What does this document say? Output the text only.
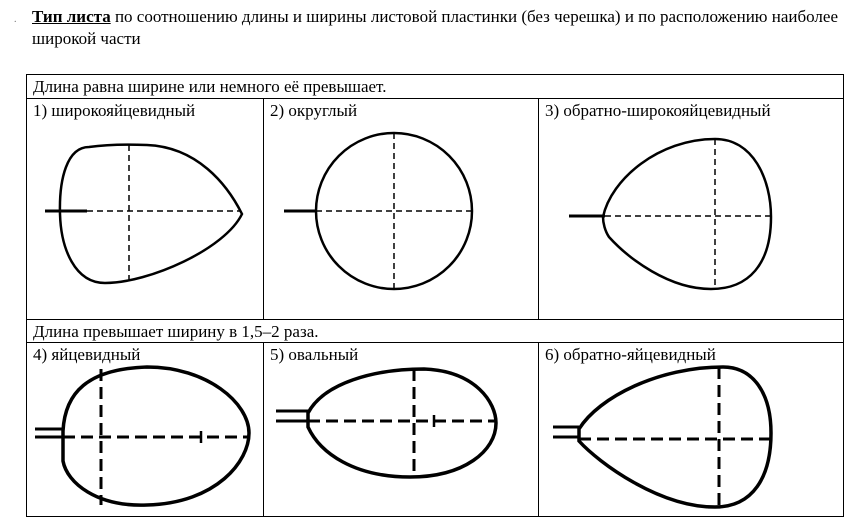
. Тип листа по соотношению длины и ширины листовой пластинки (без черешка) и по расположению наиболее широкой части
Длина равна ширине или немного её превышает.
1) широкояйцевидный	2) округлый	3) обратно-широкояйцевидный
Длина превышает ширину в 1,5–2 раза.
4) яйцевидный	5) овальный	6) обратно-яйцевидный
